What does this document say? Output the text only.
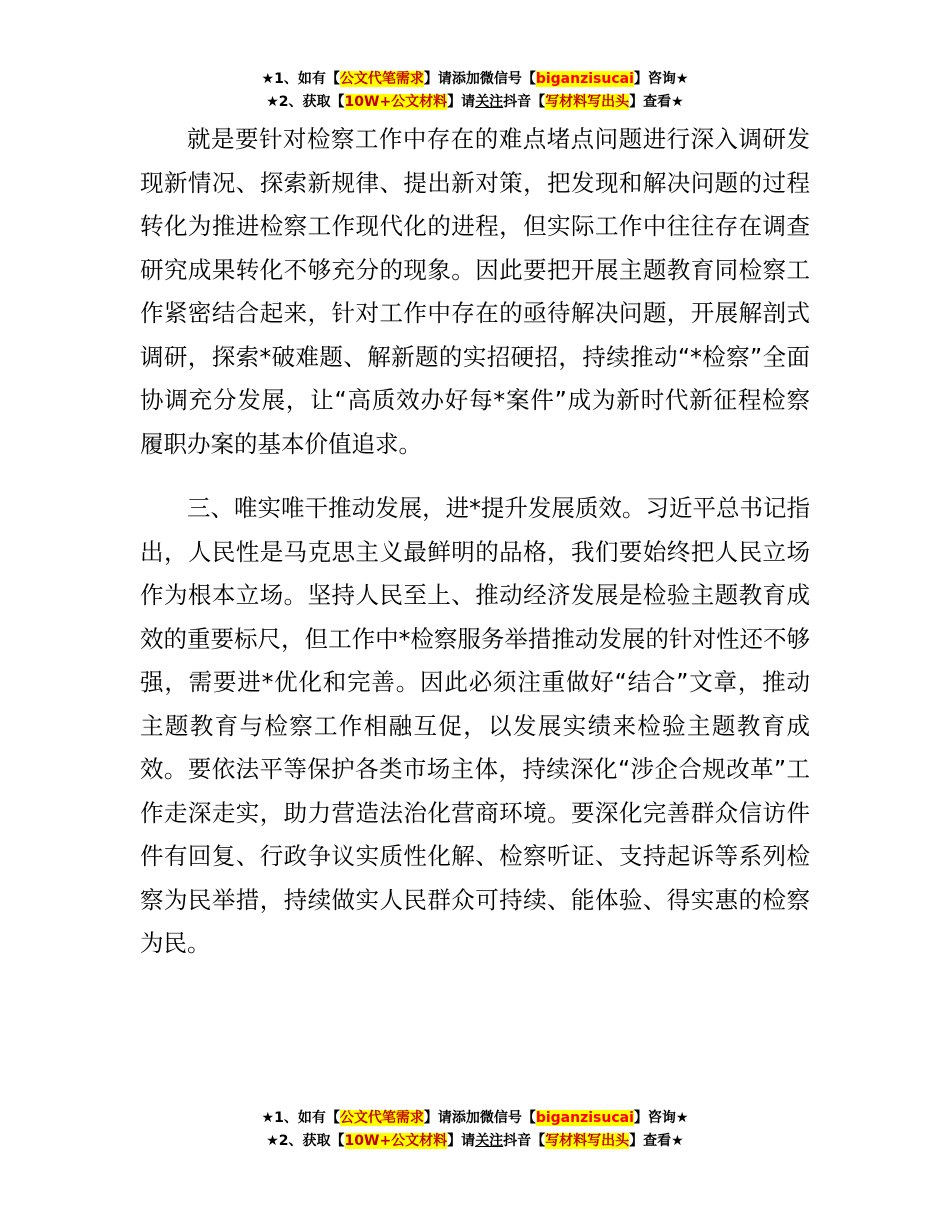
★1、如有【公文代笔需求】请添加微信号【biganzisucai】咨询★
★2、获取【10W+公文材料】请关注抖音【写材料写出头】查看★

就是要针对检察工作中存在的难点堵点问题进行深入调研发现新情况、探索新规律、提出新对策，把发现和解决问题的过程转化为推进检察工作现代化的进程，但实际工作中往往存在调查研究成果转化不够充分的现象。因此要把开展主题教育同检察工作紧密结合起来，针对工作中存在的亟待解决问题，开展解剖式调研，探索*破难题、解新题的实招硬招，持续推动“*检察”全面协调充分发展，让“高质效办好每*案件”成为新时代新征程检察履职办案的基本价值追求。

三、唯实唯干推动发展，进*提升发展质效。习近平总书记指出，人民性是马克思主义最鲜明的品格，我们要始终把人民立场作为根本立场。坚持人民至上、推动经济发展是检验主题教育成效的重要标尺，但工作中*检察服务举措推动发展的针对性还不够强，需要进*优化和完善。因此必须注重做好“结合”文章，推动主题教育与检察工作相融互促，以发展实绩来检验主题教育成效。要依法平等保护各类市场主体，持续深化“涉企合规改革”工作走深走实，助力营造法治化营商环境。要深化完善群众信访件件有回复、行政争议实质性化解、检察听证、支持起诉等系列检察为民举措，持续做实人民群众可持续、能体验、得实惠的检察为民。

★1、如有【公文代笔需求】请添加微信号【biganzisucai】咨询★
★2、获取【10W+公文材料】请关注抖音【写材料写出头】查看★
